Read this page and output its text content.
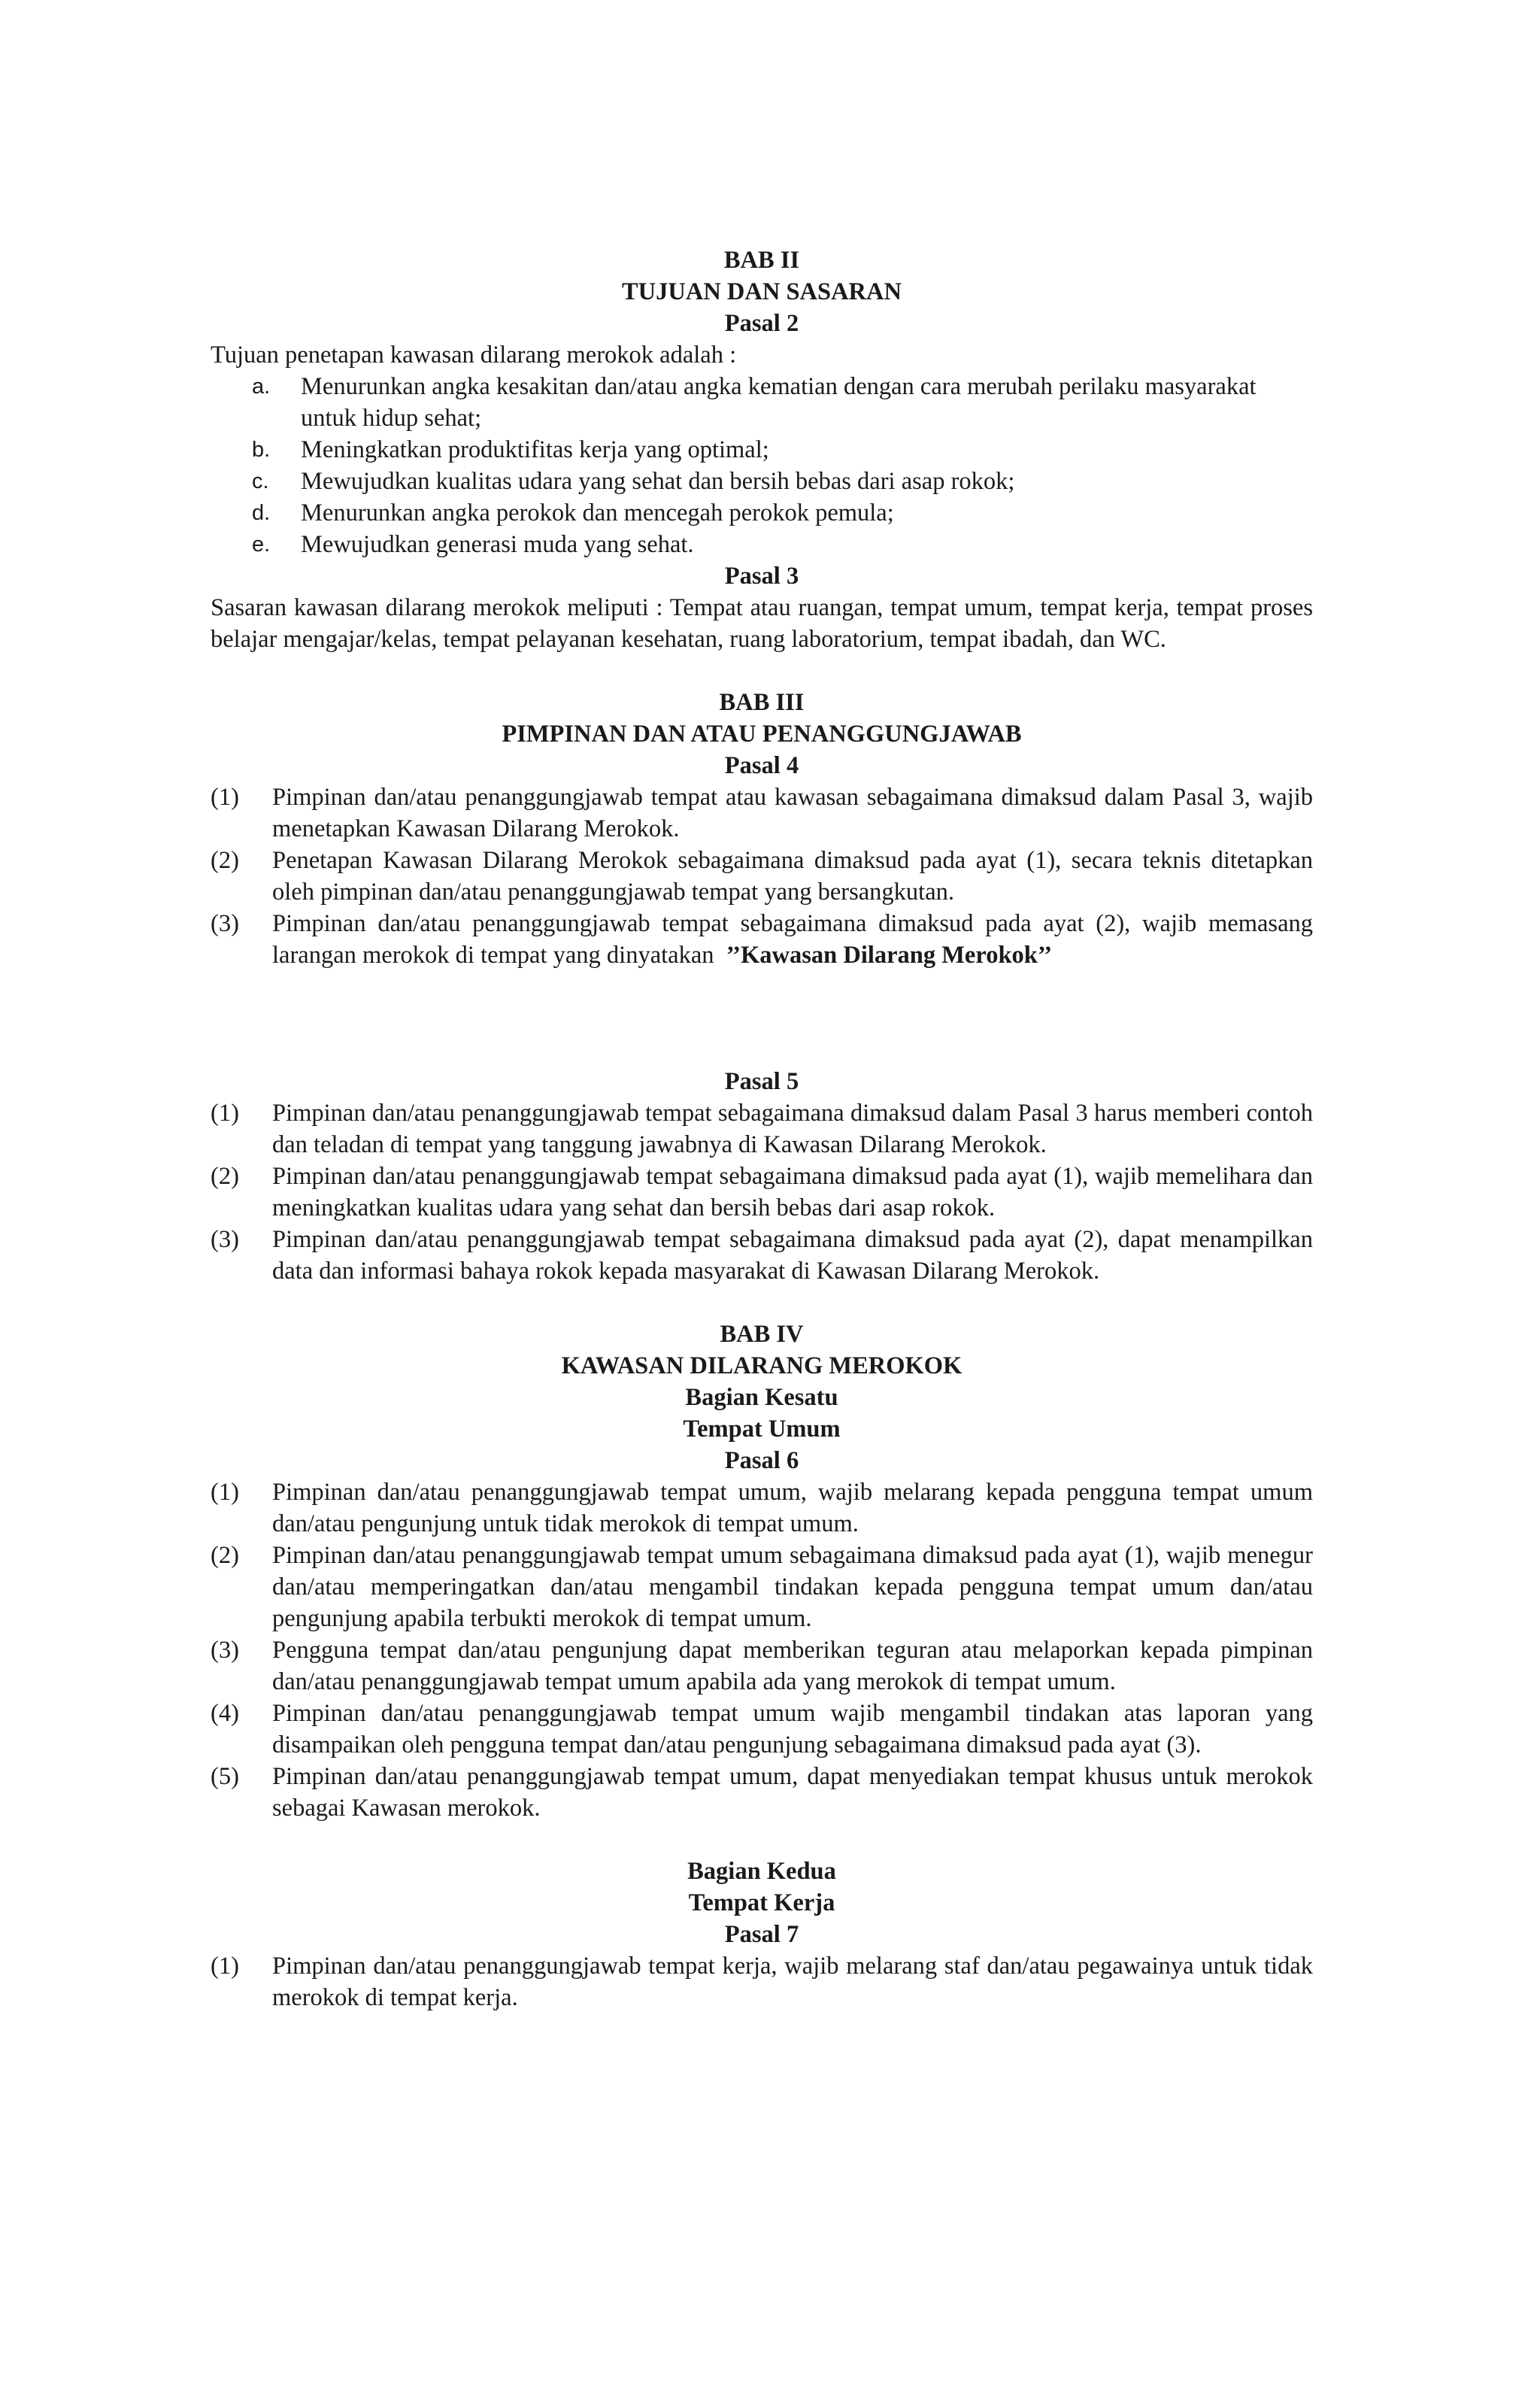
BAB II
TUJUAN DAN SASARAN
Pasal 2
Tujuan penetapan kawasan dilarang merokok adalah :
a.	Menurunkan angka kesakitan dan/atau angka kematian dengan cara merubah perilaku masyarakat untuk hidup sehat;
b.	Meningkatkan produktifitas kerja yang optimal;
c.	Mewujudkan kualitas udara yang sehat dan bersih bebas dari asap rokok;
d.	Menurunkan angka perokok dan mencegah perokok pemula;
e.	Mewujudkan generasi muda yang sehat.
Pasal 3
Sasaran kawasan dilarang merokok meliputi : Tempat atau ruangan, tempat umum, tempat kerja, tempat proses belajar mengajar/kelas, tempat pelayanan kesehatan, ruang laboratorium, tempat ibadah, dan WC.
BAB III
PIMPINAN DAN ATAU PENANGGUNGJAWAB
Pasal 4
(1)	Pimpinan dan/atau penanggungjawab tempat atau kawasan sebagaimana dimaksud dalam Pasal 3, wajib menetapkan Kawasan Dilarang Merokok.
(2)	Penetapan Kawasan Dilarang Merokok sebagaimana dimaksud pada ayat (1), secara teknis ditetapkan oleh pimpinan dan/atau penanggungjawab tempat yang bersangkutan.
(3)	Pimpinan dan/atau penanggungjawab tempat sebagaimana dimaksud pada ayat (2), wajib memasang larangan merokok di tempat yang dinyatakan ’’Kawasan Dilarang Merokok’’
Pasal 5
(1)	Pimpinan dan/atau penanggungjawab tempat sebagaimana dimaksud dalam Pasal 3 harus memberi contoh dan teladan di tempat yang tanggung jawabnya di Kawasan Dilarang Merokok.
(2)	Pimpinan dan/atau penanggungjawab tempat sebagaimana dimaksud pada ayat (1), wajib memelihara dan meningkatkan kualitas udara yang sehat dan bersih bebas dari asap rokok.
(3)	Pimpinan dan/atau penanggungjawab tempat sebagaimana dimaksud pada ayat (2), dapat menampilkan data dan informasi bahaya rokok kepada masyarakat di Kawasan Dilarang Merokok.
BAB IV
KAWASAN DILARANG MEROKOK
Bagian Kesatu
Tempat Umum
Pasal 6
(1)	Pimpinan dan/atau penanggungjawab tempat umum, wajib melarang kepada pengguna tempat umum dan/atau pengunjung untuk tidak merokok di tempat umum.
(2)	Pimpinan dan/atau penanggungjawab tempat umum sebagaimana dimaksud pada ayat (1), wajib menegur dan/atau memperingatkan dan/atau mengambil tindakan kepada pengguna tempat umum dan/atau pengunjung apabila terbukti merokok di tempat umum.
(3)	Pengguna tempat dan/atau pengunjung dapat memberikan teguran atau melaporkan kepada pimpinan dan/atau penanggungjawab tempat umum apabila ada yang merokok di tempat umum.
(4)	Pimpinan dan/atau penanggungjawab tempat umum wajib mengambil tindakan atas laporan yang disampaikan oleh pengguna tempat dan/atau pengunjung sebagaimana dimaksud pada ayat (3).
(5)	Pimpinan dan/atau penanggungjawab tempat umum, dapat menyediakan tempat khusus untuk merokok sebagai Kawasan merokok.
Bagian Kedua
Tempat Kerja
Pasal 7
(1)	Pimpinan dan/atau penanggungjawab tempat kerja, wajib melarang staf dan/atau pegawainya untuk tidak merokok di tempat kerja.
